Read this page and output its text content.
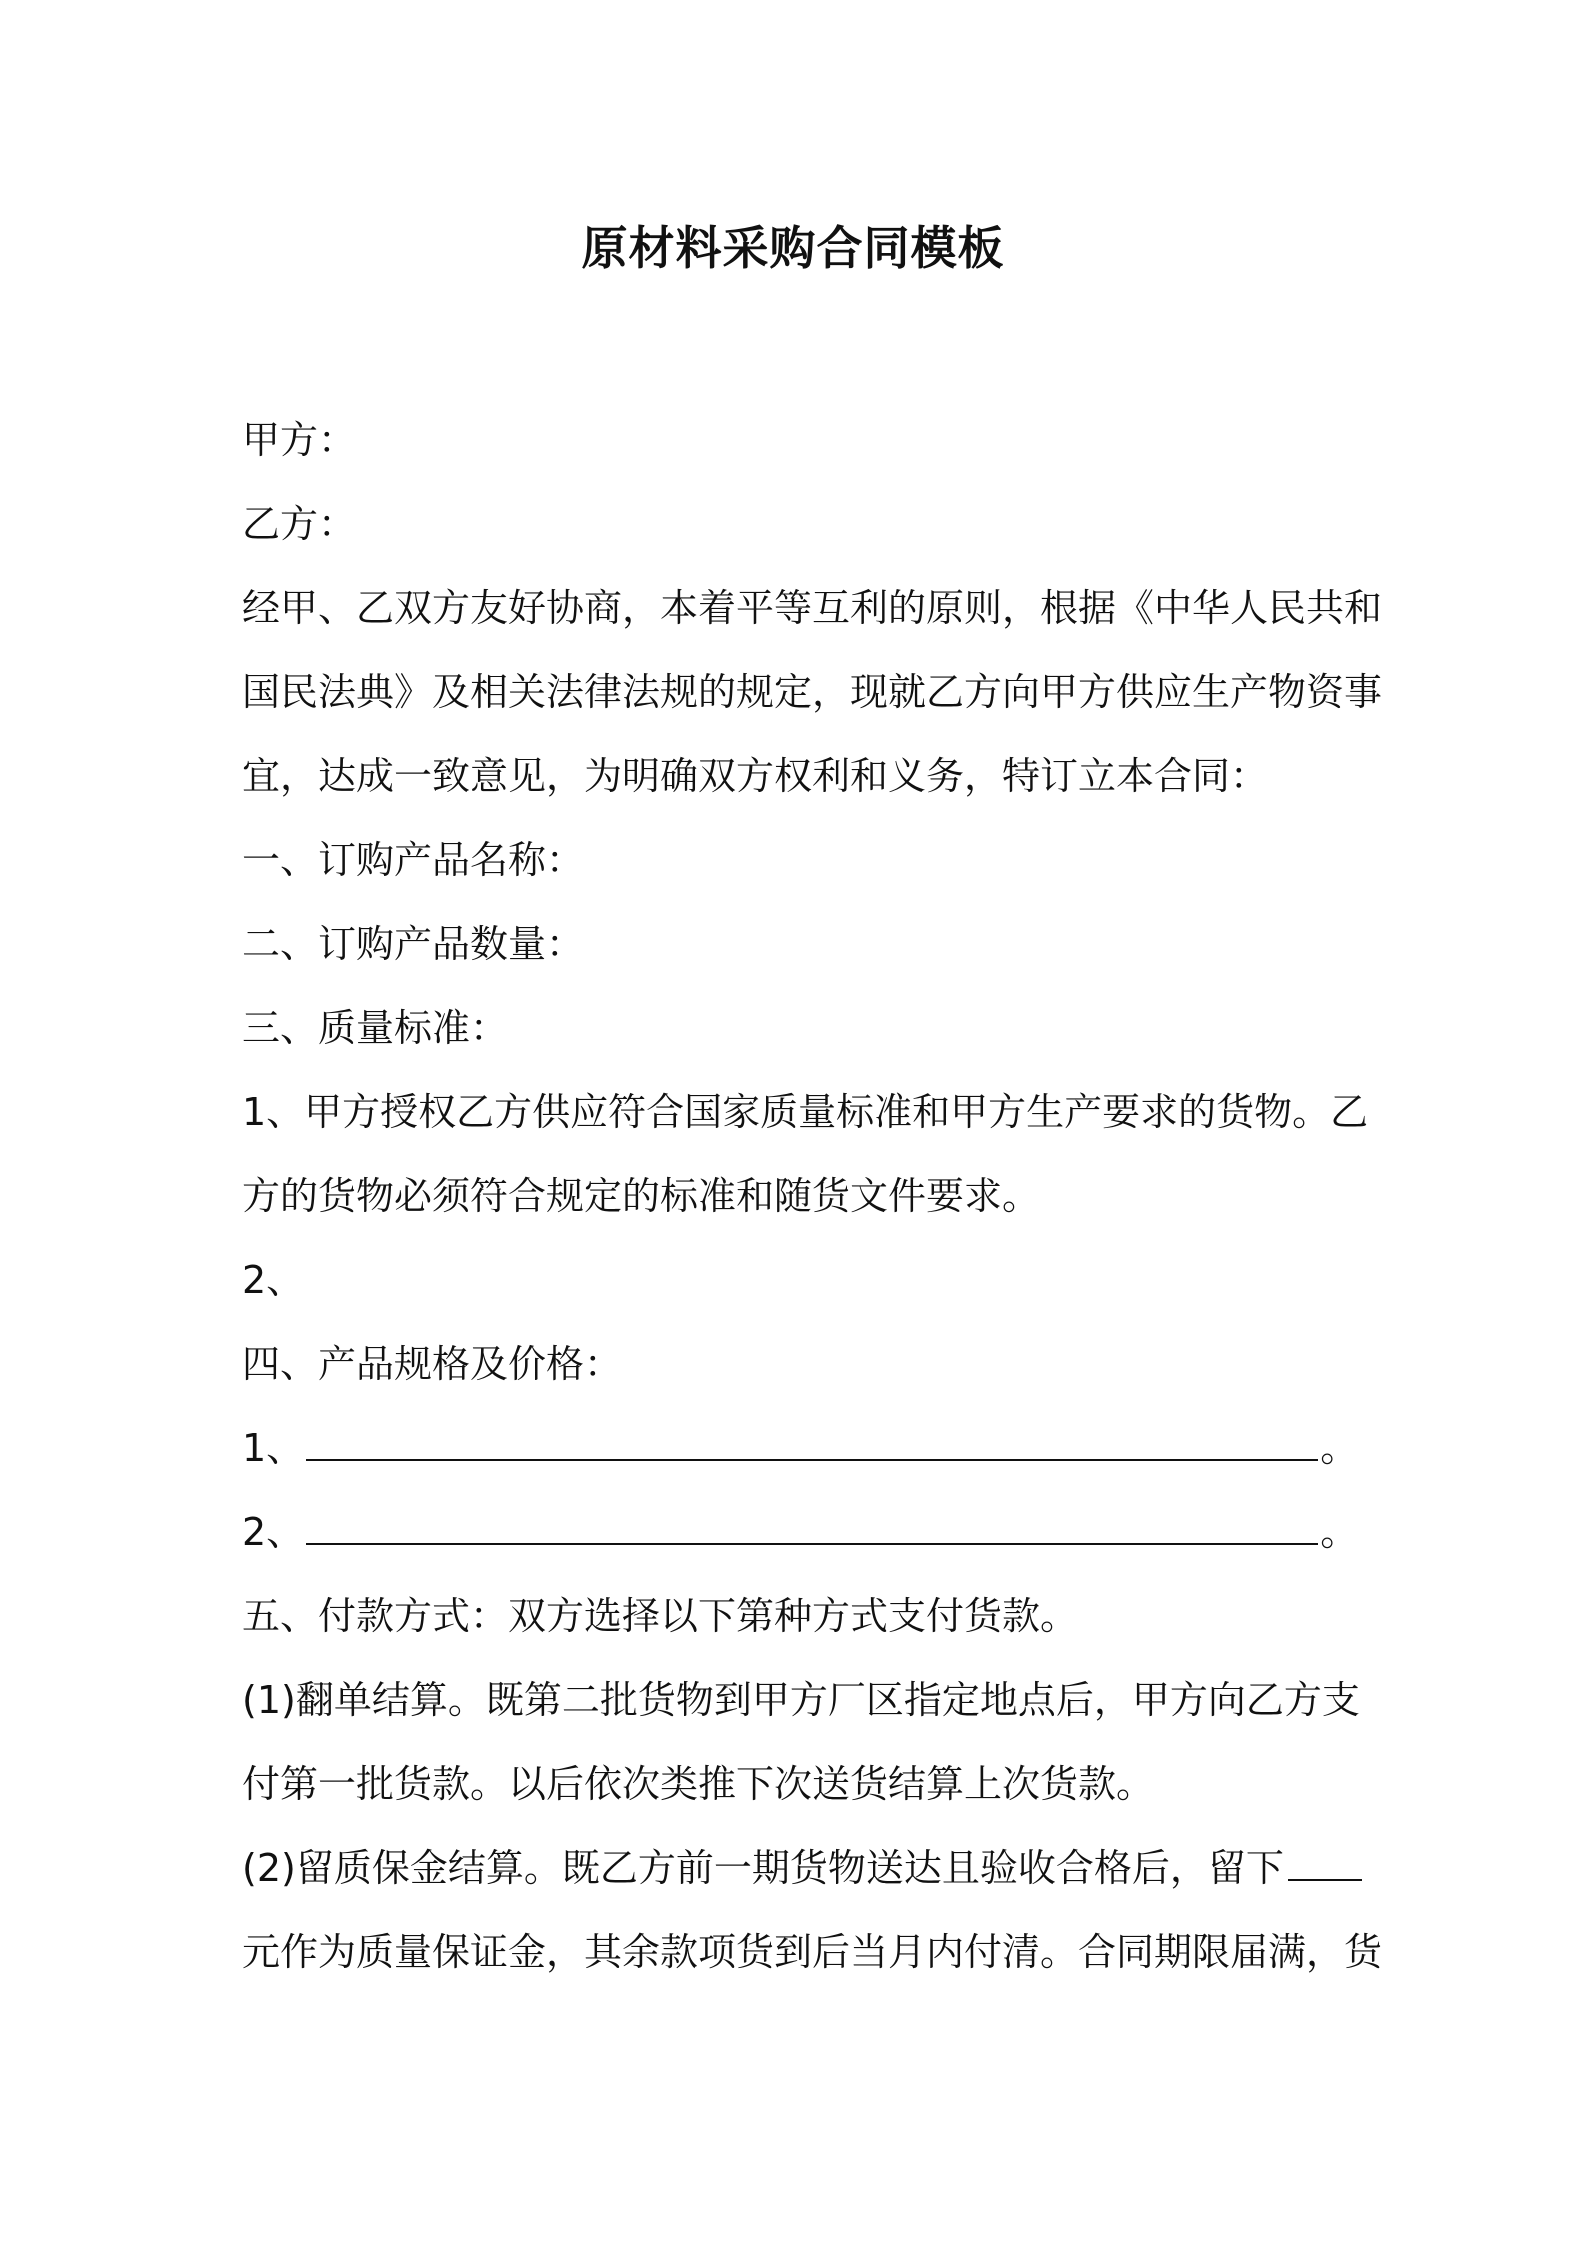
原材料采购合同模板
甲方：
乙方：
经甲、乙双方友好协商，本着平等互利的原则，根据《中华人民共和
国民法典》及相关法律法规的规定，现就乙方向甲方供应生产物资事
宜，达成一致意见，为明确双方权利和义务，特订立本合同：
一、订购产品名称：
二、订购产品数量：
三、质量标准：
1、甲方授权乙方供应符合国家质量标准和甲方生产要求的货物。乙
方的货物必须符合规定的标准和随货文件要求。
2、
四、产品规格及价格：
1、	。
2、	。
五、付款方式：双方选择以下第种方式支付货款。
(1)翻单结算。既第二批货物到甲方厂区指定地点后，甲方向乙方支
付第一批货款。以后依次类推下次送货结算上次货款。
(2)留质保金结算。既乙方前一期货物送达且验收合格后，留下
元作为质量保证金，其余款项货到后当月内付清。合同期限届满，货
